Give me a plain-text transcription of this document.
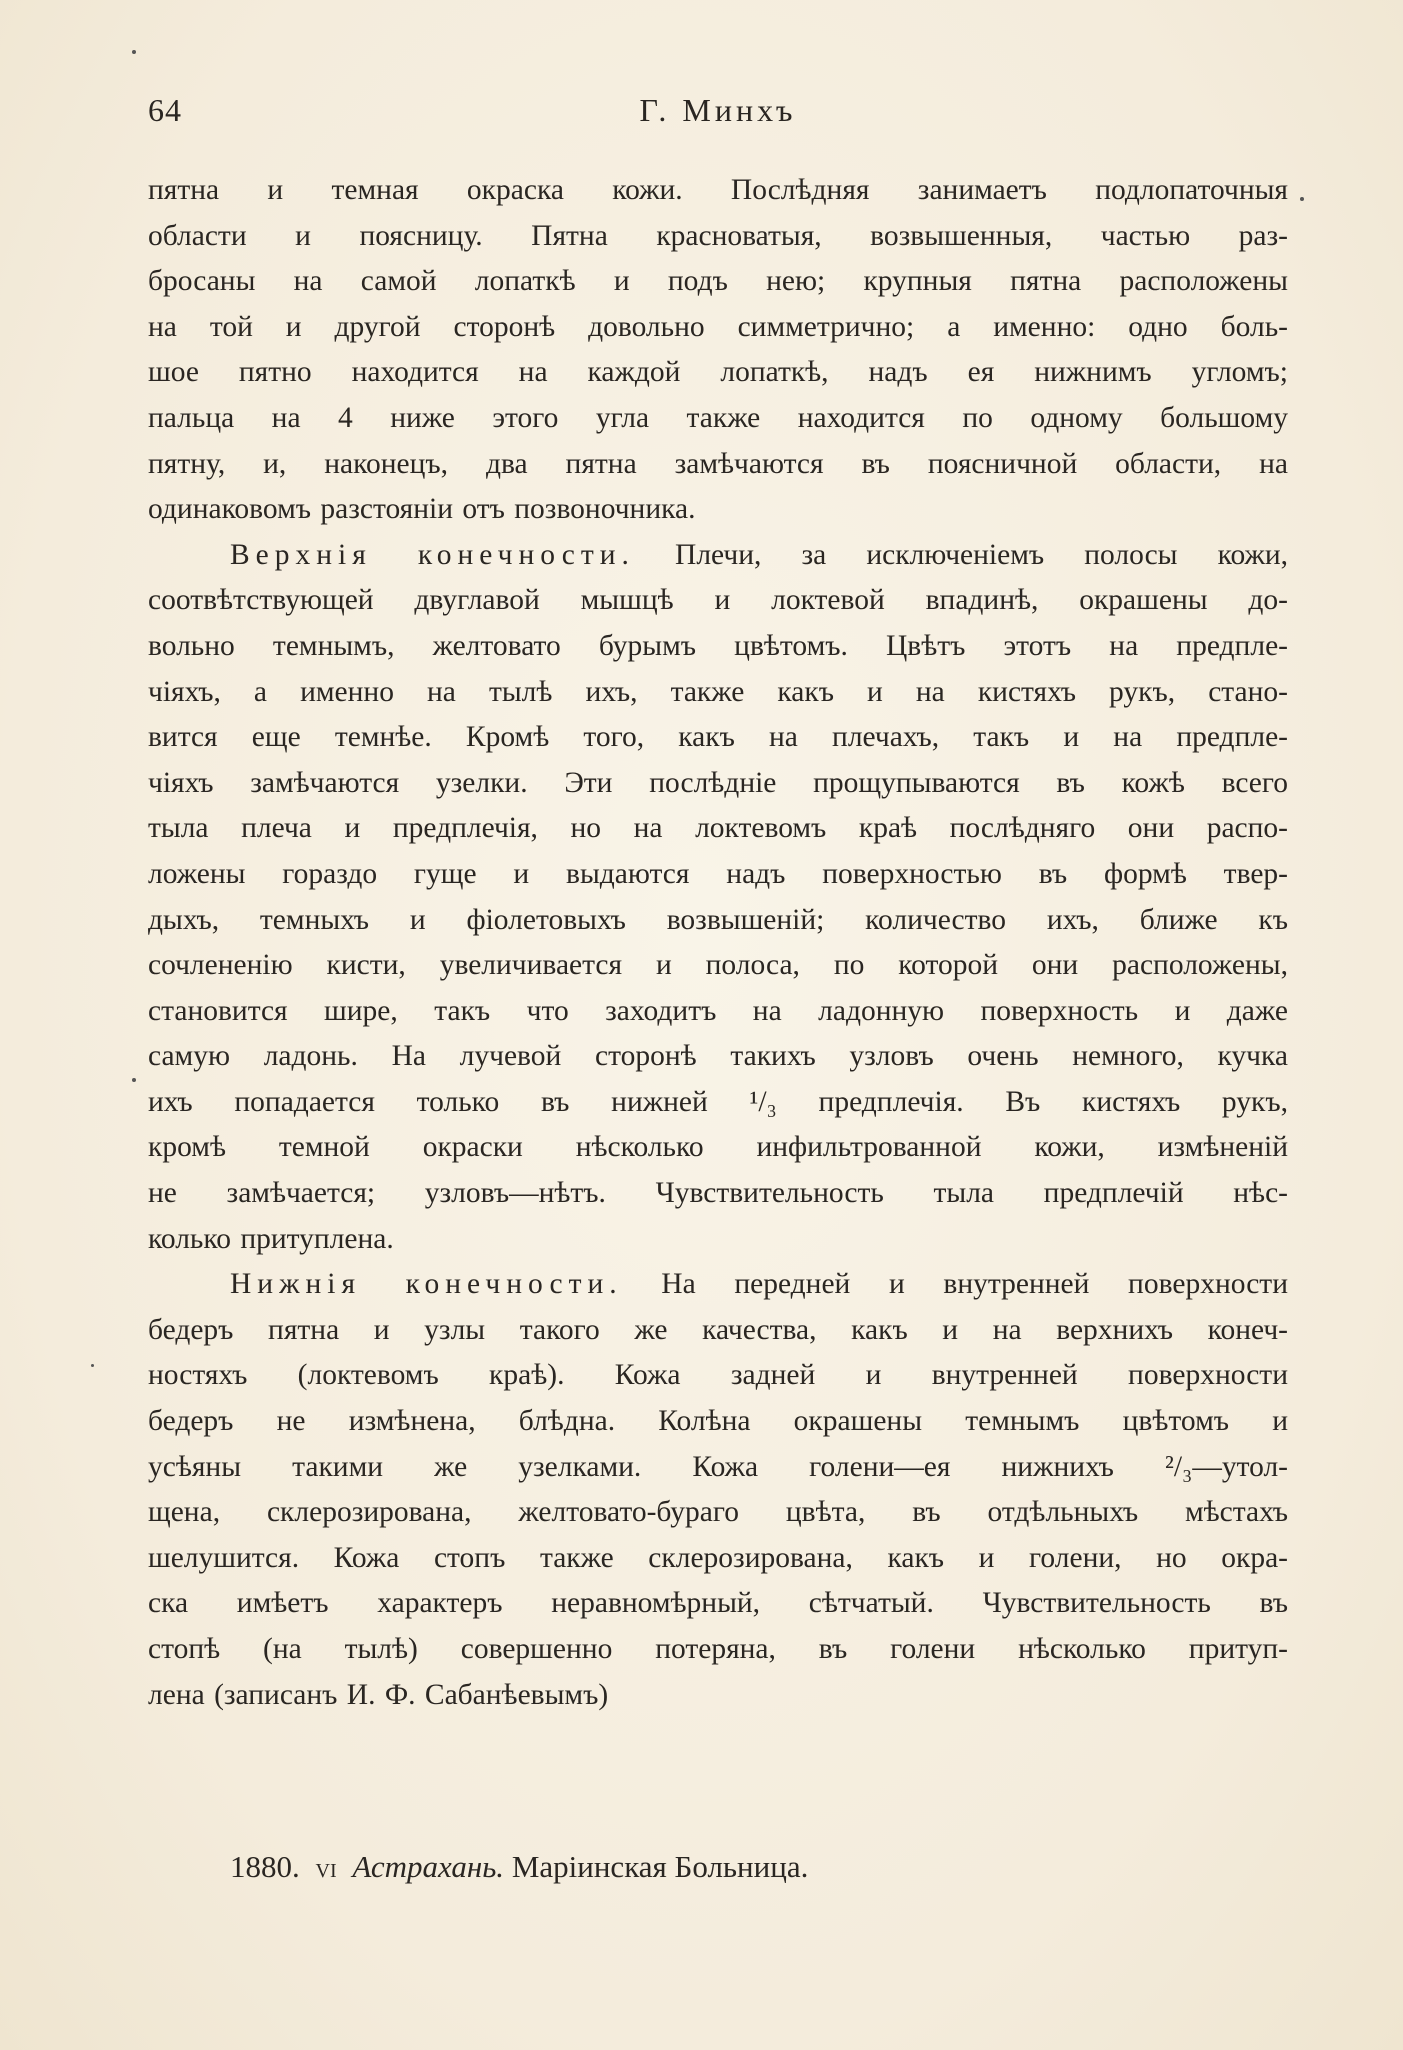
64	Г. Минхъ
пятна и темная окраска кожи. Послѣдняя занимаетъ подлопаточныя
области и поясницу. Пятна красноватыя, возвышенныя, частью раз-
бросаны на самой лопаткѣ и подъ нею; крупныя пятна расположены
на той и другой сторонѣ довольно симметрично; а именно: одно боль-
шое пятно находится на каждой лопаткѣ, надъ ея нижнимъ угломъ;
пальца на 4 ниже этого угла также находится по одному большому
пятну, и, наконецъ, два пятна замѣчаются въ поясничной области, на
одинаковомъ разстояніи отъ позвоночника.
Верхнія конечности. Плечи, за исключеніемъ полосы кожи,
соотвѣтствующей двуглавой мышцѣ и локтевой впадинѣ, окрашены до-
вольно темнымъ, желтовато бурымъ цвѣтомъ. Цвѣтъ этотъ на предпле-
чіяхъ, а именно на тылѣ ихъ, также какъ и на кистяхъ рукъ, стано-
вится еще темнѣе. Кромѣ того, какъ на плечахъ, такъ и на предпле-
чіяхъ замѣчаются узелки. Эти послѣдніе прощупываются въ кожѣ всего
тыла плеча и предплечія, но на локтевомъ краѣ послѣдняго они распо-
ложены гораздо гуще и выдаются надъ поверхностью въ формѣ твер-
дыхъ, темныхъ и фіолетовыхъ возвышеній; количество ихъ, ближе къ
сочлененію кисти, увеличивается и полоса, по которой они расположены,
становится шире, такъ что заходитъ на ладонную поверхность и даже
самую ладонь. На лучевой сторонѣ такихъ узловъ очень немного, кучка
ихъ попадается только въ нижней ¹/₃ предплечія. Въ кистяхъ рукъ,
кромѣ темной окраски нѣсколько инфильтрованной кожи, измѣненій
не замѣчается; узловъ—нѣтъ. Чувствительность тыла предплечій нѣс-
колько притуплена.
Нижнія конечности. На передней и внутренней поверхности
бедеръ пятна и узлы такого же качества, какъ и на верхнихъ конеч-
ностяхъ (локтевомъ краѣ). Кожа задней и внутренней поверхности
бедеръ не измѣнена, блѣдна. Колѣна окрашены темнымъ цвѣтомъ и
усѣяны такими же узелками. Кожа голени—ея нижнихъ ²/₃—утол-
щена, склерозирована, желтовато-бураго цвѣта, въ отдѣльныхъ мѣстахъ
шелушится. Кожа стопъ также склерозирована, какъ и голени, но окра-
ска имѣетъ характеръ неравномѣрный, сѣтчатый. Чувствительность въ
стопѣ (на тылѣ) совершенно потеряна, въ голени нѣсколько притуп-
лена (записанъ И. Ф. Сабанѣевымъ)
1880. VI Астрахань. Маріинская Больница.
